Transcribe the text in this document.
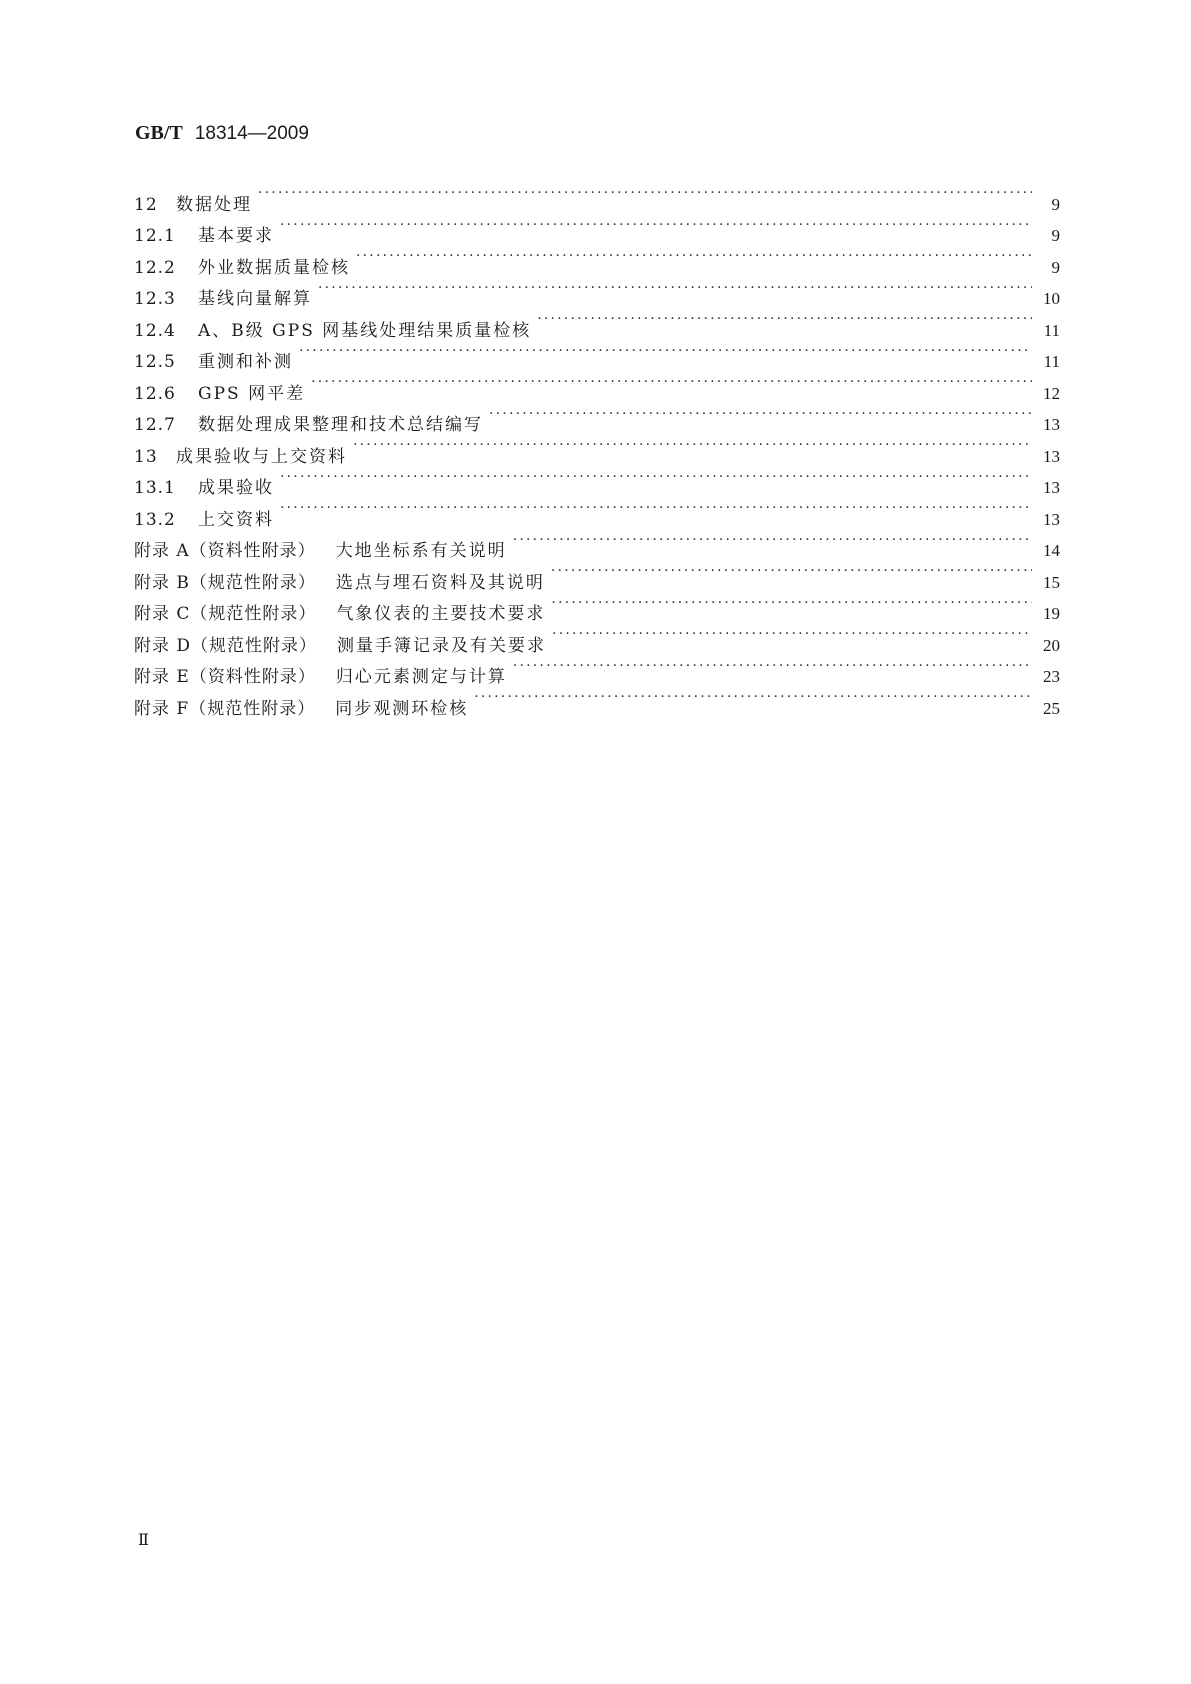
GB/T 18314—2009
12	数据处理 ·····	9
12.1	基本要求 ·····	9
12.2	外业数据质量检核 ·····	9
12.3	基线向量解算 ·····	10
12.4	A、B级 GPS 网基线处理结果质量检核 ·····	11
12.5	重测和补测 ·····	11
12.6	GPS 网平差 ·····	12
12.7	数据处理成果整理和技术总结编写 ·····	13
13	成果验收与上交资料 ·····	13
13.1	成果验收 ·····	13
13.2	上交资料 ·····	13
附录 A（资料性附录） 大地坐标系有关说明 ·····	14
附录 B（规范性附录） 选点与埋石资料及其说明 ·····	15
附录 C（规范性附录） 气象仪表的主要技术要求 ·····	19
附录 D（规范性附录） 测量手簿记录及有关要求 ·····	20
附录 E（资料性附录） 归心元素测定与计算 ·····	23
附录 F（规范性附录） 同步观测环检核 ·····	25
Ⅱ
